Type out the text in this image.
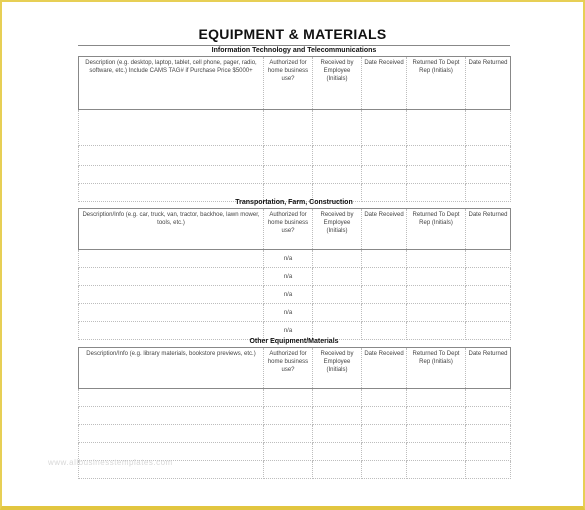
EQUIPMENT & MATERIALS
Information Technology and Telecommunications
Description (e.g. desktop, laptop, tablet, cell phone, pager, radio, software, etc.) Include CAMS TAG# if Purchase Price $5000+	Authorized for home business use?	Received by Employee (Initials)	Date Received	Returned To Dept Rep (Initials)	Date Returned

Transportation, Farm, Construction
Description/Info (e.g. car, truck, van, tractor, backhoe, lawn mower, tools, etc.)	Authorized for home business use?	Received by Employee (Initials)	Date Received	Returned To Dept Rep (Initials)	Date Returned
	n/a				
	n/a				
	n/a				
	n/a				
	n/a				
Other Equipment/Materials
Description/Info (e.g. library materials, bookstore previews, etc.)	Authorized for home business use?	Received by Employee (Initials)	Date Received	Returned To Dept Rep (Initials)	Date Returned

www.allbusinesstemplates.com
